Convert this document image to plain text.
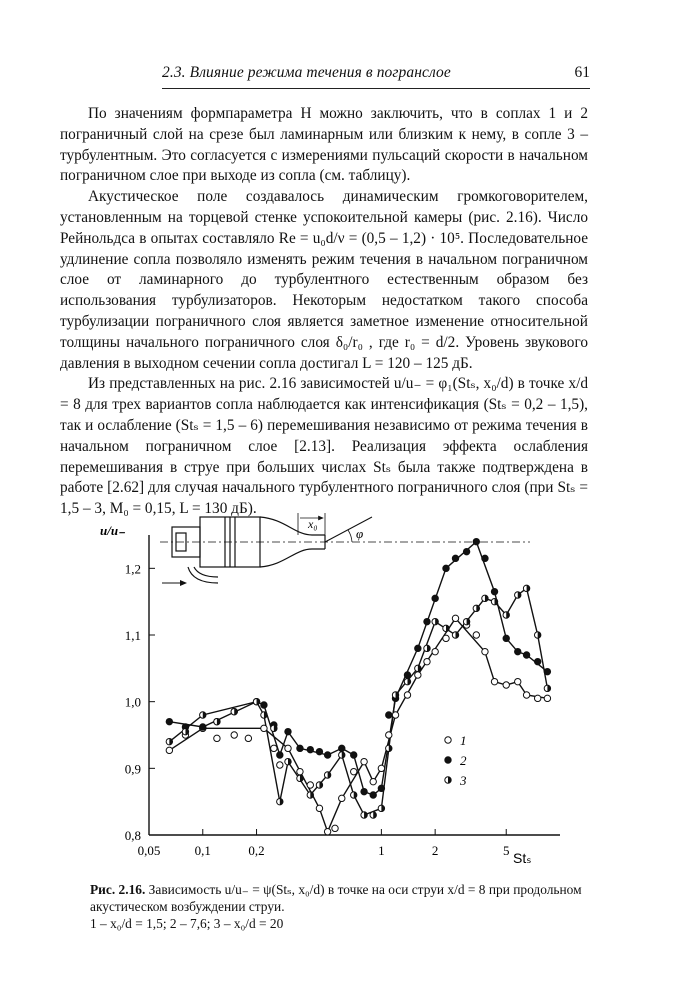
2.3. Влияние режима течения в погранслое	61

По значениям формпараметра H можно заключить, что в соплах 1 и 2 пограничный слой на срезе был ламинарным или близким к нему, в сопле 3 – турбулентным. Это согласуется с измерениями пульсаций скорости в начальном пограничном слое при выходе из сопла (см. таблицу).

Акустическое поле создавалось динамическим громкоговорителем, установленным на торцевой стенке успокоительной камеры (рис. 2.16). Число Рейнольдса в опытах составляло Re = u₀d/ν = (0,5 – 1,2) · 10⁵. Последовательное удлинение сопла позволяло изменять режим течения в начальном пограничном слое от ламинарного до турбулентного естественным образом без использования турбулизаторов. Некоторым недостатком такого способа турбулизации пограничного слоя является заметное изменение относительной толщины начального пограничного слоя δ₀/r₀ , где r₀ = d/2. Уровень звукового давления в выходном сечении сопла достигал L = 120 – 125 дБ.

Из представленных на рис. 2.16 зависимостей u/u₋ = φ₁(Stₛ, x₀/d) в точке x/d = 8 для трех вариантов сопла наблюдается как интенсификация (Stₛ = 0,2 – 1,5), так и ослабление (Stₛ = 1,5 – 6) перемешивания независимо от режима течения в начальном пограничном слое [2.13]. Реализация эффекта ослабления перемешивания в струе при больших числах Stₛ была также подтверждена в работе [2.62] для случая начального турбулентного пограничного слоя (при Stₛ = 1,5 – 3, M₀ = 0,15, L = 130 дБ).

x₀
φ
u/u₋
Stₛ
0,05	0,1	0,2	1	2	5
0,8
0,9
1,0
1,1
1,2
1
2
3
Рис. 2.16. Зависимость u/u₋ = ψ(Stₛ, x₀/d) в точке на оси струи x/d = 8 при продольном акустическом возбуждении струи.
1 – x₀/d = 1,5; 2 – 7,6; 3 – x₀/d = 20
